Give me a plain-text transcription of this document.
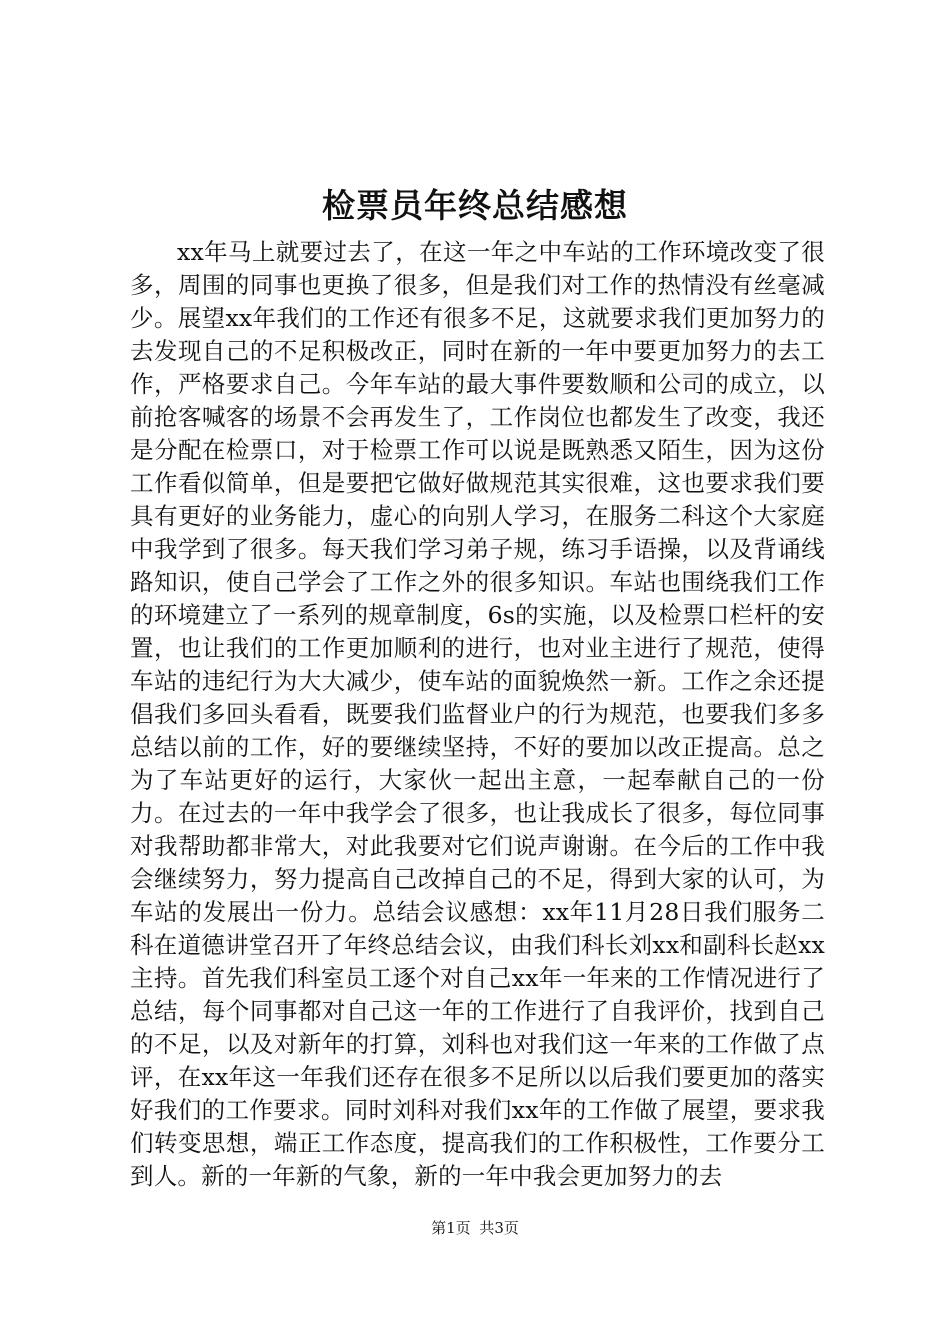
检票员年终总结感想

xx年马上就要过去了，在这一年之中车站的工作环境改变了很多，周围的同事也更换了很多，但是我们对工作的热情没有丝毫减少。展望xx年我们的工作还有很多不足，这就要求我们更加努力的去发现自己的不足积极改正，同时在新的一年中要更加努力的去工作，严格要求自己。今年车站的最大事件要数顺和公司的成立，以前抢客喊客的场景不会再发生了，工作岗位也都发生了改变，我还是分配在检票口，对于检票工作可以说是既熟悉又陌生，因为这份工作看似简单，但是要把它做好做规范其实很难，这也要求我们要具有更好的业务能力，虚心的向别人学习，在服务二科这个大家庭中我学到了很多。每天我们学习弟子规，练习手语操，以及背诵线路知识，使自己学会了工作之外的很多知识。车站也围绕我们工作的环境建立了一系列的规章制度，6s的实施，以及检票口栏杆的安置，也让我们的工作更加顺利的进行，也对业主进行了规范，使得车站的违纪行为大大减少，使车站的面貌焕然一新。工作之余还提倡我们多回头看看，既要我们监督业户的行为规范，也要我们多多总结以前的工作，好的要继续坚持，不好的要加以改正提高。总之为了车站更好的运行，大家伙一起出主意，一起奉献自己的一份力。在过去的一年中我学会了很多，也让我成长了很多，每位同事对我帮助都非常大，对此我要对它们说声谢谢。在今后的工作中我会继续努力，努力提高自己改掉自己的不足，得到大家的认可，为车站的发展出一份力。总结会议感想：xx年11月28日我们服务二科在道德讲堂召开了年终总结会议，由我们科长刘xx和副科长赵xx主持。首先我们科室员工逐个对自己xx年一年来的工作情况进行了总结，每个同事都对自己这一年的工作进行了自我评价，找到自己的不足，以及对新年的打算，刘科也对我们这一年来的工作做了点评，在xx年这一年我们还存在很多不足所以以后我们要更加的落实好我们的工作要求。同时刘科对我们xx年的工作做了展望，要求我们转变思想，端正工作态度，提高我们的工作积极性，工作要分工到人。新的一年新的气象，新的一年中我会更加努力的去

第1页 共3页
